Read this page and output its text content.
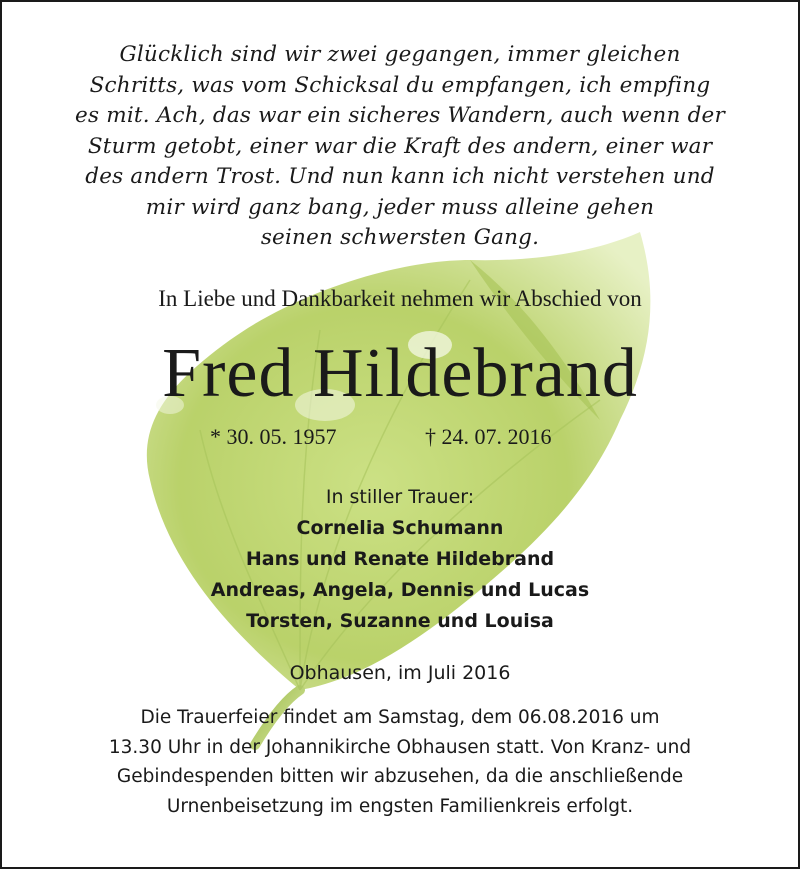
Glücklich sind wir zwei gegangen, immer gleichen
Schritts, was vom Schicksal du empfangen, ich empfing
es mit. Ach, das war ein sicheres Wandern, auch wenn der
Sturm getobt, einer war die Kraft des andern, einer war
des andern Trost. Und nun kann ich nicht verstehen und
mir wird ganz bang, jeder muss alleine gehen
seinen schwersten Gang.
In Liebe und Dankbarkeit nehmen wir Abschied von
Fred Hildebrand
* 30. 05. 1957	† 24. 07. 2016
In stiller Trauer:
Cornelia Schumann
Hans und Renate Hildebrand
Andreas, Angela, Dennis und Lucas
Torsten, Suzanne und Louisa
Obhausen, im Juli 2016
Die Trauerfeier findet am Samstag, dem 06.08.2016 um
13.30 Uhr in der Johannikirche Obhausen statt. Von Kranz- und
Gebindespenden bitten wir abzusehen, da die anschließende
Urnenbeisetzung im engsten Familienkreis erfolgt.
